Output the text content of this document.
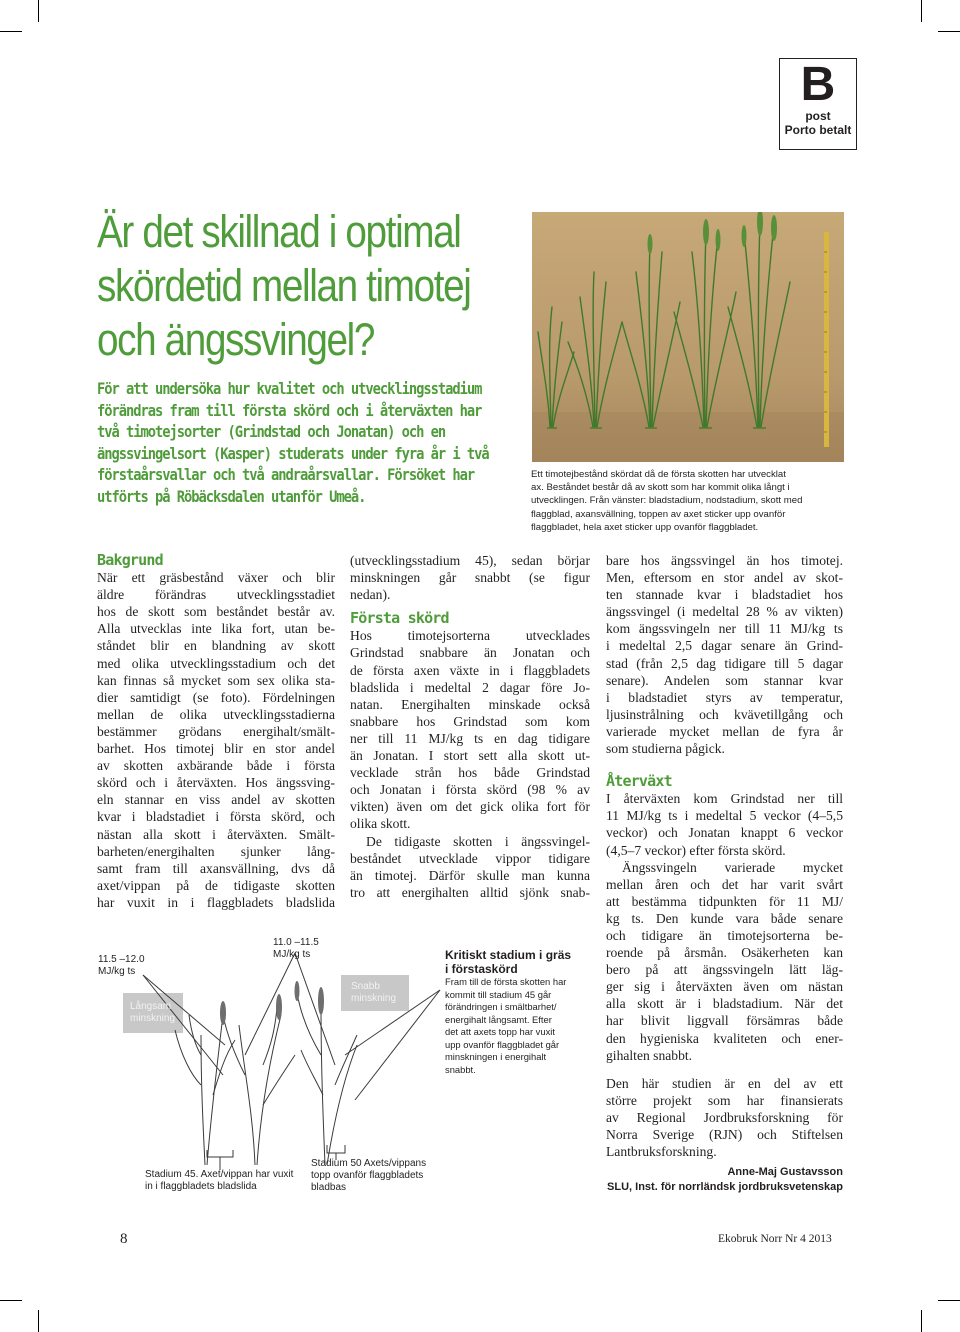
B
post
Porto betalt
Är det skillnad i optimal
skördetid mellan timotej
och ängssvingel?
För att undersöka hur kvalitet och utvecklingsstadium
förändras fram till första skörd och i återväxten har
två timotejsorter (Grindstad och Jonatan) och en
ängssvingelsort (Kasper) studerats under fyra år i två
förstaårsvallar och två andraårsvallar. Försöket har
utförts på Röbäcksdalen utanför Umeå.
Ett timotejbestånd skördat då de första skotten har utvecklat
ax. Beståndet består då av skott som har kommit olika långt i
utvecklingen. Från vänster: bladstadium, nodstadium, skott med
flaggblad, axansvällning, toppen av axet sticker upp ovanför
flaggbladet, hela axet sticker upp ovanför flaggbladet.
Bakgrund
När ett gräsbestånd växer och blir
äldre förändras utvecklingsstadiet
hos de skott som beståndet består av.
Alla utvecklas inte lika fort, utan be-
ståndet blir en blandning av skott
med olika utvecklingsstadium och det
kan finnas så mycket som sex olika sta-
dier samtidigt (se foto). Fördelningen
mellan de olika utvecklingsstadierna
bestämmer grödans energihalt/smält-
barhet. Hos timotej blir en stor andel
av skotten axbärande både i första
skörd och i återväxten. Hos ängssving-
eln stannar en viss andel av skotten
kvar i bladstadiet i första skörd, och
nästan alla skott i återväxten. Smält-
barheten/energihalten sjunker lång-
samt fram till axansvällning, dvs då
axet/vippan på de tidigaste skotten
har vuxit in i flaggbladets bladslida
(utvecklingsstadium 45), sedan börjar
minskningen går snabbt (se figur
nedan).
Första skörd
Hos timotejsorterna utvecklades
Grindstad snabbare än Jonatan och
de första axen växte in i flaggbladets
bladslida i medeltal 2 dagar före Jo-
natan. Energihalten minskade också
snabbare hos Grindstad som kom
ner till 11 MJ/kg ts en dag tidigare
än Jonatan. I stort sett alla skott ut-
vecklade strån hos både Grindstad
och Jonatan i första skörd (98 % av
vikten) även om det gick olika fort för
olika skott.
De tidigaste skotten i ängssvingel-
beståndet utvecklade vippor tidigare
än timotej. Därför skulle man kunna
tro att energihalten alltid sjönk snab-
bare hos ängssvingel än hos timotej.
Men, eftersom en stor andel av skot-
ten stannade kvar i bladstadiet hos
ängssvingel (i medeltal 28 % av vikten)
kom ängssvingeln ner till 11 MJ/kg ts
i medeltal 2,5 dagar senare än Grind-
stad (från 2,5 dag tidigare till 5 dagar
senare). Andelen som stannar kvar
i bladstadiet styrs av temperatur,
ljusinstrålning och kvävetillgång och
varierade mycket mellan de fyra år
som studierna pågick.
Återväxt
I återväxten kom Grindstad ner till
11 MJ/kg ts i medeltal 5 veckor (4–5,5
veckor) och Jonatan knappt 6 veckor
(4,5–7 veckor) efter första skörd.
Ängssvingeln varierade mycket
mellan åren och det har varit svårt
att bestämma tidpunkten för 11 MJ/
kg ts. Den kunde vara både senare
och tidigare än timotejsorterna be-
roende på årsmån. Osäkerheten kan
bero på att ängssvingeln lätt läg-
ger sig i återväxten även om nästan
alla skott är i bladstadium. När det
har blivit liggvall försämras både
den hygieniska kvaliteten och ener-
gihalten snabbt.
Den här studien är en del av ett
större projekt som har finansierats
av Regional Jordbruksforskning för
Norra Sverige (RJN) och Stiftelsen
Lantbruksforskning.
Anne-Maj Gustavsson
SLU, Inst. för norrländsk jordbruksvetenskap
11.5 –12.0
MJ/kg ts
11.0 –11.5
MJ/kg ts
Långsam
minskning
Snabb
minskning
Stadium 45. Axet/vippan har vuxit
in i flaggbladets bladslida
Stadium 50 Axets/vippans
topp ovanför flaggbladets
bladbas
Kritiskt stadium i gräs
i förstaskörd
Fram till de första skotten har
kommit till stadium 45 går
förändringen i smältbarhet/
energihalt långsamt. Efter
det att axets topp har vuxit
upp ovanför flaggbladet går
minskningen i energihalt
snabbt.
8	Ekobruk Norr Nr 4 2013
